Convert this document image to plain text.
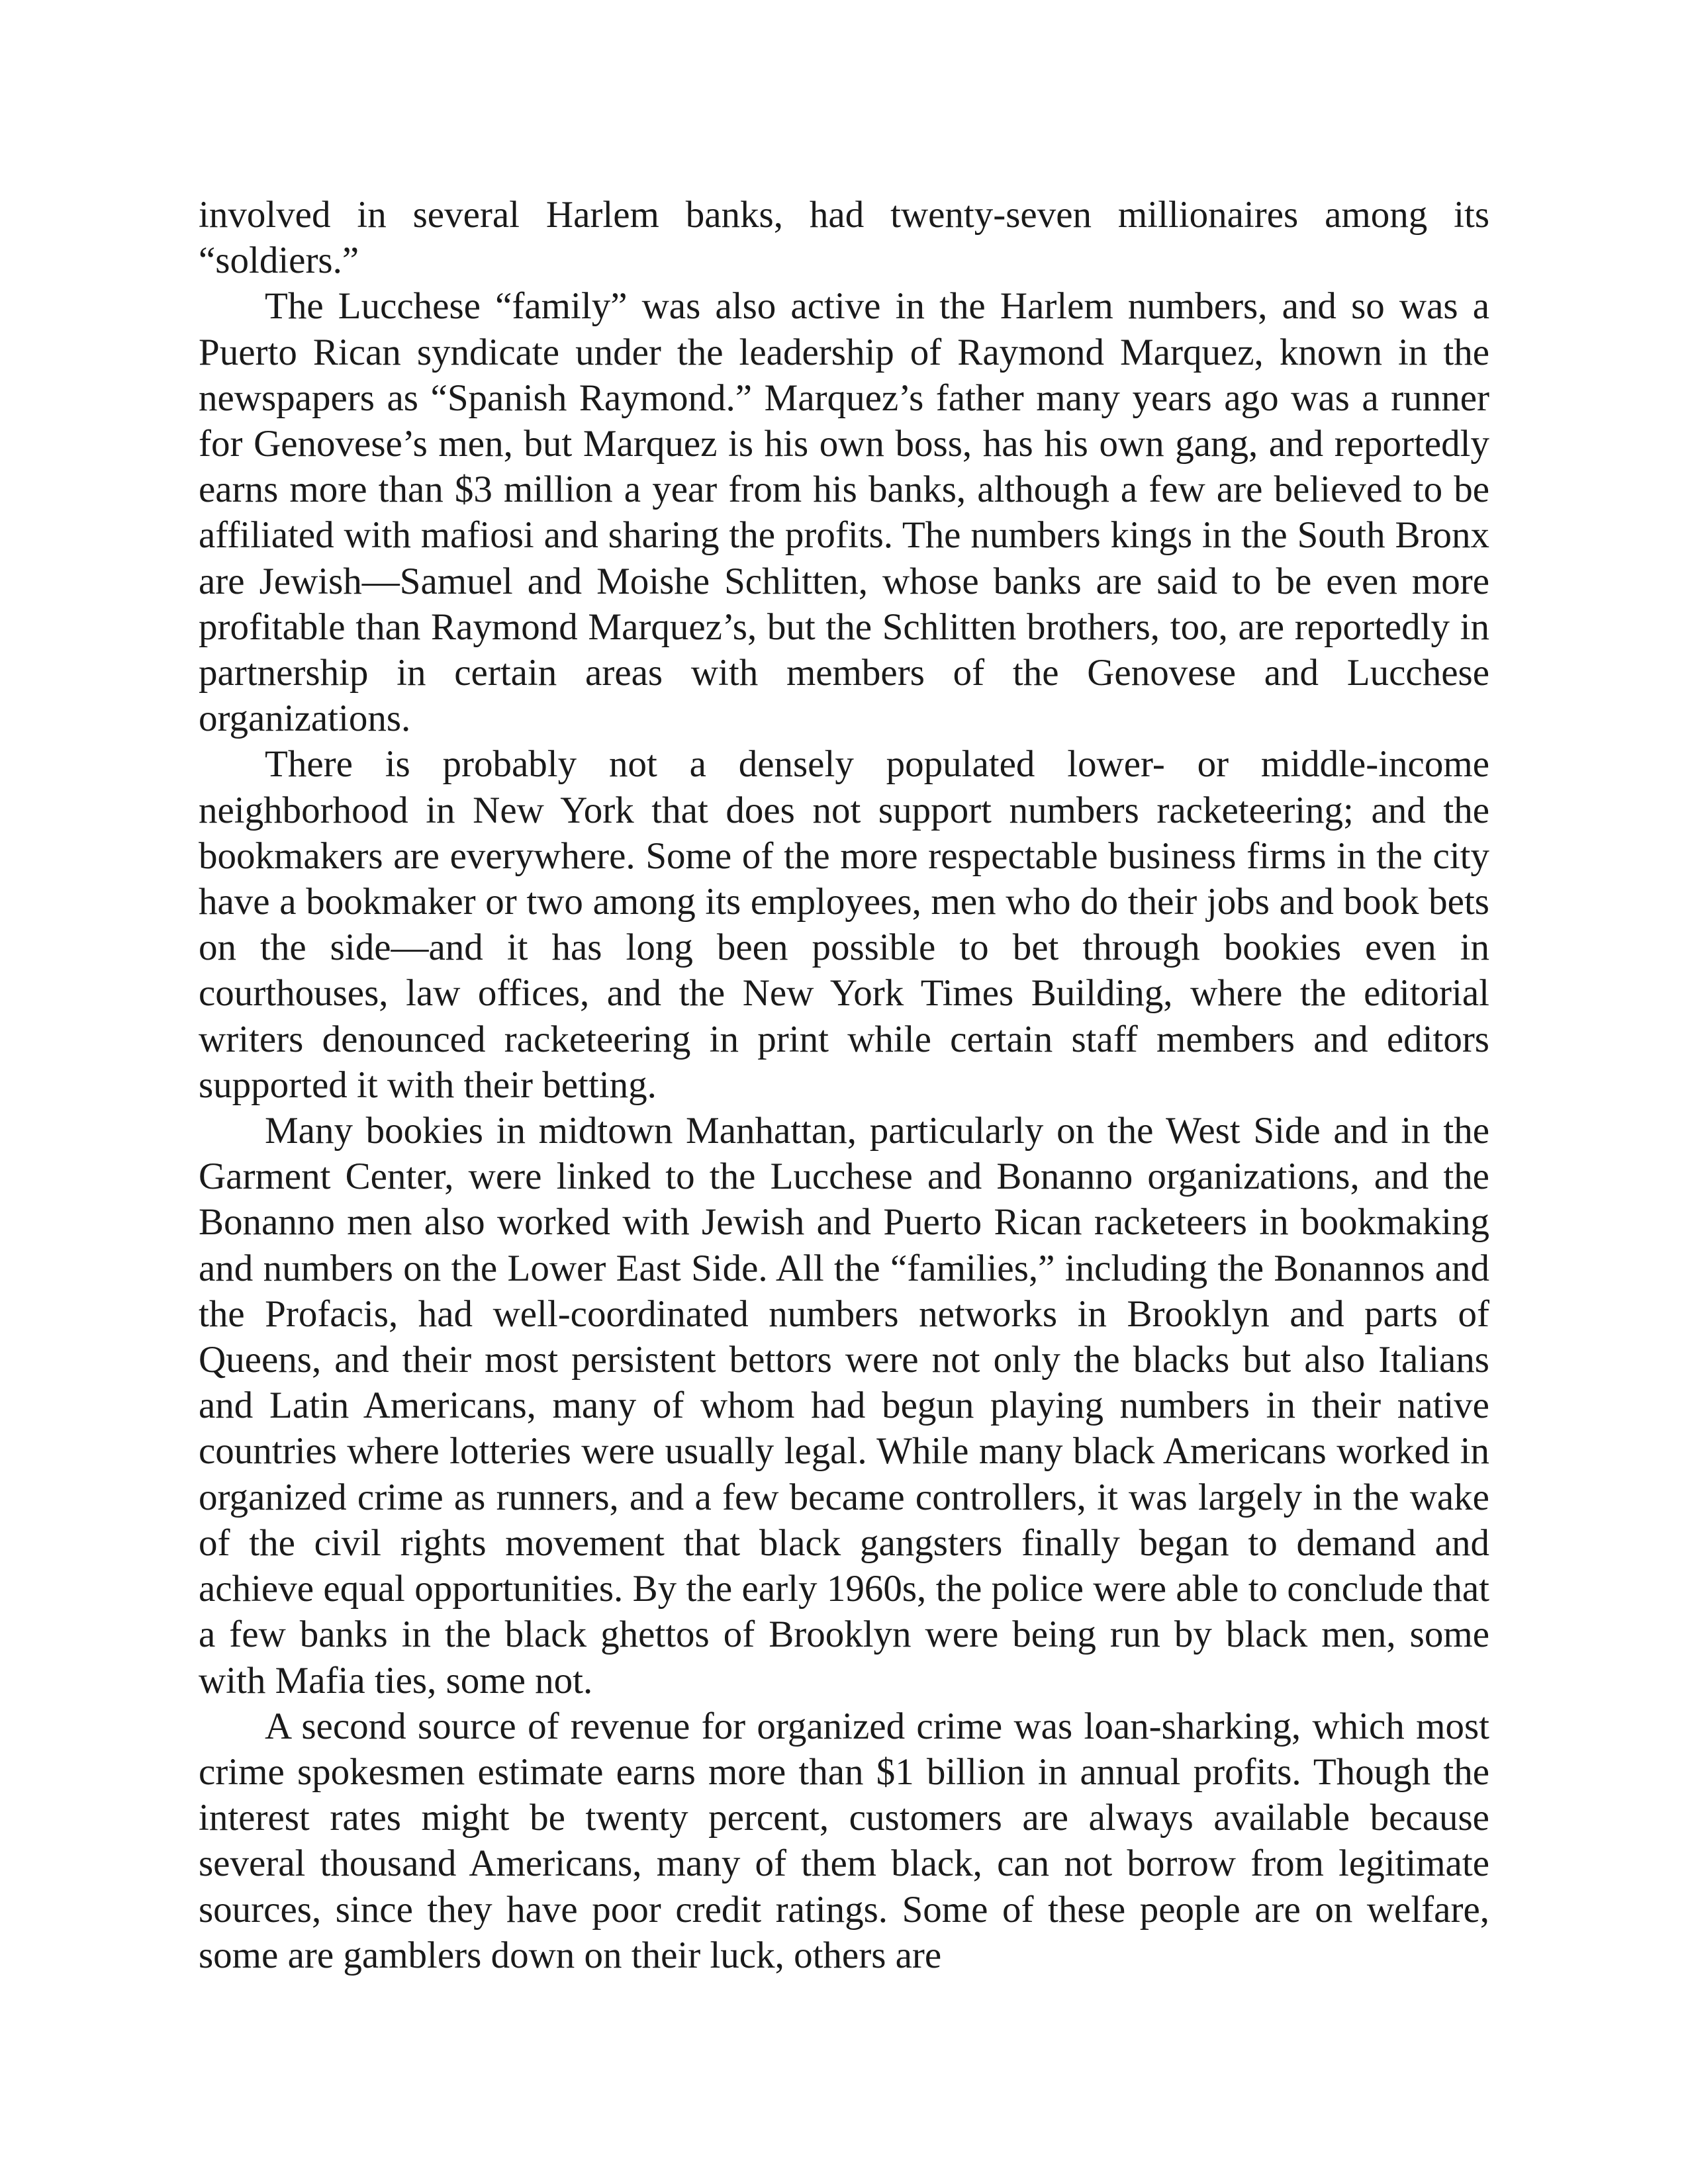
involved in several Harlem banks, had twenty-seven millionaires among its “soldiers.”

The Lucchese “family” was also active in the Harlem numbers, and so was a Puerto Rican syndicate under the leadership of Raymond Marquez, known in the newspapers as “Spanish Raymond.” Marquez’s father many years ago was a runner for Genovese’s men, but Marquez is his own boss, has his own gang, and reportedly earns more than $3 million a year from his banks, although a few are believed to be affiliated with mafiosi and sharing the profits. The numbers kings in the South Bronx are Jewish—Samuel and Moishe Schlitten, whose banks are said to be even more profitable than Raymond Marquez’s, but the Schlitten brothers, too, are reportedly in partnership in certain areas with members of the Genovese and Lucchese organizations.

There is probably not a densely populated lower- or middle-income neighborhood in New York that does not support numbers racketeering; and the bookmakers are everywhere. Some of the more respectable business firms in the city have a bookmaker or two among its employees, men who do their jobs and book bets on the side—and it has long been possible to bet through bookies even in courthouses, law offices, and the New York Times Building, where the editorial writers denounced racketeering in print while certain staff members and editors supported it with their betting.

Many bookies in midtown Manhattan, particularly on the West Side and in the Garment Center, were linked to the Lucchese and Bonanno organizations, and the Bonanno men also worked with Jewish and Puerto Rican racketeers in bookmaking and numbers on the Lower East Side. All the “families,” including the Bonannos and the Profacis, had well-coordinated numbers networks in Brooklyn and parts of Queens, and their most persistent bettors were not only the blacks but also Italians and Latin Americans, many of whom had begun playing numbers in their native countries where lotteries were usually legal. While many black Americans worked in organized crime as runners, and a few became controllers, it was largely in the wake of the civil rights movement that black gangsters finally began to demand and achieve equal opportunities. By the early 1960s, the police were able to conclude that a few banks in the black ghettos of Brooklyn were being run by black men, some with Mafia ties, some not.

A second source of revenue for organized crime was loan-sharking, which most crime spokesmen estimate earns more than $1 billion in annual profits. Though the interest rates might be twenty percent, customers are always available because several thousand Americans, many of them black, can not borrow from legitimate sources, since they have poor credit ratings. Some of these people are on welfare, some are gamblers down on their luck, others are
